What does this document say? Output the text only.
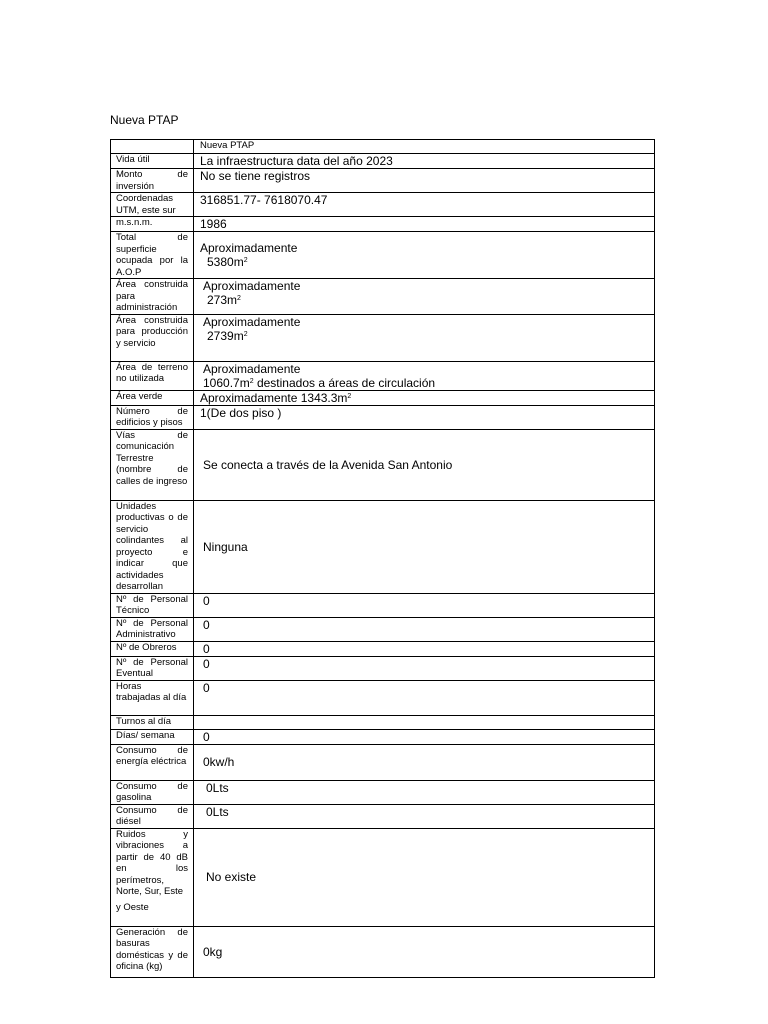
Nueva PTAP
	Nueva PTAP
Vida útil	La infraestructura data del año 2023
Monto de inversión	No se tiene registros
Coordenadas UTM, este sur	316851.77- 7618070.47
m.s.n.m.	1986
Total de superficie ocupada por la A.O.P	Aproximadamente
$5380m^2$

Área construida para administración	Aproximadamente
$273m^2$

Área construida para producción y servicio	Aproximadamente
$2739m^2$

Área de terreno no utilizada	Aproximadamente
$1060.7m^2$ destinados a áreas de circulación

Área verde	Aproximadamente $1343.3m^2$
Número de edificios y pisos	1(De dos piso )
Vías de comunicación Terrestre (nombre de calles de ingreso	Se conecta a través de la Avenida San Antonio
Unidades productivas o de servicio colindantes al proyecto e indicar que actividades desarrollan	Ninguna
Nº de Personal Técnico	0
Nº de Personal Administrativo	0
Nº de Obreros	0
Nº de Personal Eventual	0
Horas trabajadas al día	0
Turnos al día	
Días/ semana	0
Consumo de energía eléctrica	0kw/h
Consumo de gasolina	0Lts
Consumo de diésel	0Lts
Ruidos y vibraciones a partir de 40 dB en los perímetros, Norte, Sur, Este
y Oeste	No existe
Generación de basuras domésticas y de oficina (kg)	0kg
